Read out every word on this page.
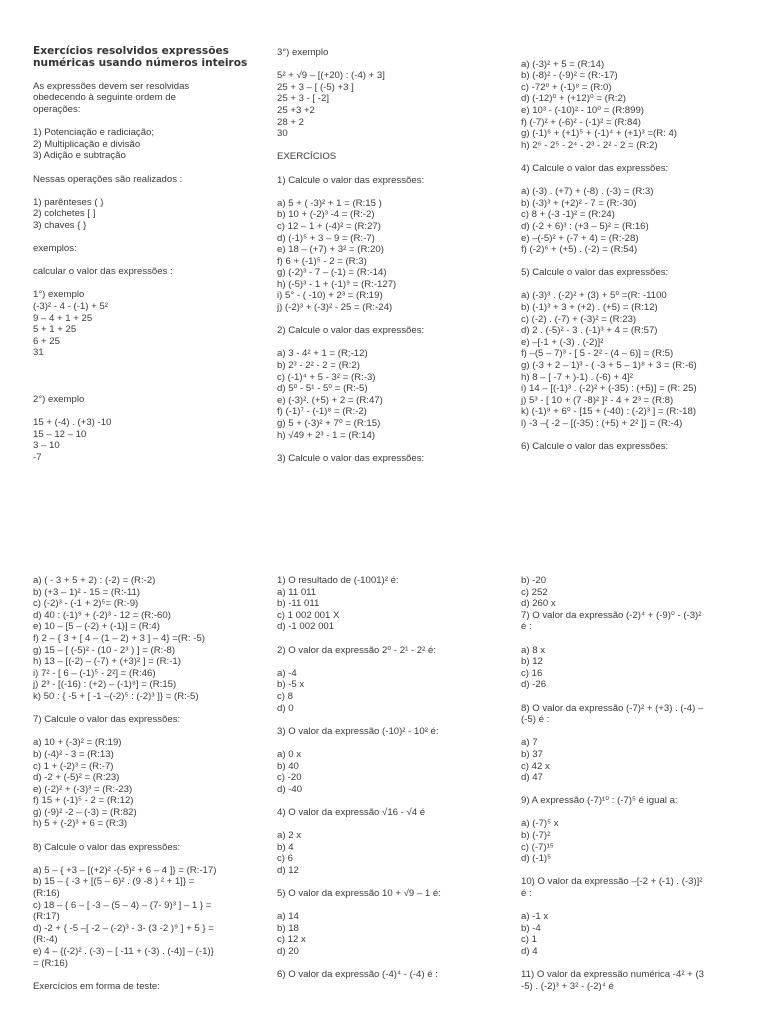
Exercícios resolvidos expressões
numéricas usando números inteiros
As expressões devem ser resolvidas
obedecendo à seguinte ordem de
operações:
1) Potenciação e radiciação;
2) Multiplicação e divisão
3) Adição e subtração
Nessas operações são realizados :
1) parênteses ( )
2) colchetes [ ]
3) chaves { }
exemplos:
calcular o valor das expressões :
1°) exemplo
(-3)² - 4 - (-1) + 5²
9 – 4 + 1 + 25
5 + 1 + 25
6 + 25
31
2°) exemplo
15 + (-4) . (+3) -10
15 – 12 – 10
3 – 10
-7
3°) exemplo
5² + √9 – [(+20) : (-4) + 3]
25 + 3 – [ (-5) +3 ]
25 + 3 - [ -2]
25 +3 +2
28 + 2
30
EXERCÍCIOS
1) Calcule o valor das expressões:
a) 5 + ( -3)² + 1 = (R:15 )
b) 10 + (-2)³ -4 = (R:-2)
c) 12 – 1 + (-4)² = (R:27)
d) (-1)⁵ + 3 – 9 = (R:-7)
e) 18 – (+7) + 3² = (R:20)
f) 6 + (-1)⁵ - 2 = (R:3)
g) (-2)³ - 7 – (-1) = (R:-14)
h) (-5)³ - 1 + (-1)⁹ = (R:-127)
i) 5° - ( -10) + 2³ = (R:19)
j) (-2)³ + (-3)² - 25 = (R:-24)
2) Calcule o valor das expressões:
a) 3 - 4² + 1 = (R;-12)
b) 2³ - 2² - 2 = (R:2)
c) (-1)⁴ + 5 - 3² = (R:-3)
d) 5⁰ - 5¹ - 5⁰ = (R:-5)
e) (-3)². (+5) + 2 = (R:47)
f) (-1)⁷ - (-1)⁸ = (R:-2)
g) 5 + (-3)² + 7⁰ = (R:15)
h) √49 + 2³ - 1 = (R:14)
3) Calcule o valor das expressões:
a) (-3)² + 5 = (R:14)
b) (-8)² - (-9)² = (R:-17)
c) -72⁰ + (-1)⁸ = (R:0)
d) (-12)⁰ + (+12)⁰ = (R:2)
e) 10³ - (-10)² - 10⁰ = (R:899)
f) (-7)² + (-6)² - (-1)² = (R:84)
g) (-1)⁶ + (+1)⁵ + (-1)⁴ + (+1)³ =(R: 4)
h) 2⁶ - 2⁵ - 2⁴ - 2³ - 2² - 2 = (R:2)
4) Calcule o valor das expressões:
a) (-3) . (+7) + (-8) . (-3) = (R:3)
b) (-3)³ + (+2)² - 7 = (R:-30)
c) 8 + (-3 -1)² = (R:24)
d) (-2 + 6)³ : (+3 – 5)² = (R:16)
e) –(-5)² + (-7 + 4) = (R:-28)
f) (-2)⁶ + (+5) . (-2) = (R:54)
5) Calcule o valor das expressões:
a) (-3)³ . (-2)² + (3) + 5⁰ =(R: -1100
b) (-1)³ + 3 + (+2) . (+5) = (R:12)
c) (-2) . (-7) + (-3)² = (R:23)
d) 2 . (-5)² - 3 . (-1)³ + 4 = (R:57)
e) –[-1 + (-3) . (-2)]²
f) –(5 – 7)³ - [ 5 - 2² - (4 – 6)] = (R:5)
g) (-3 + 2 – 1)³ - ( -3 + 5 – 1)⁸ + 3 = (R:-6)
h) 8 – [ -7 + )-1) . (-6) + 4]²
i) 14 – [(-1)³ . (-2)² + (-35) : (+5)] = (R: 25)
j) 5³ - [ 10 + (7 -8)² ]² - 4 + 2³ = (R:8)
k) (-1)⁸ + 6⁰ - [15 + (-40) : (-2)³ ] = (R:-18)
l) -3 –{ -2 – [(-35) : (+5) + 2² ]} = (R:-4)
6) Calcule o valor das expressões:
a) ( - 3 + 5 + 2) : (-2) = (R:-2)
b) (+3 – 1)² - 15 = (R:-11)
c) (-2)³ - (-1 + 2)⁵= (R:-9)
d) 40 : (-1)⁹ + (-2)³ - 12 = (R:-60)
e) 10 – [5 – (-2) + (-1)] = (R:4)
f) 2 – { 3 + [ 4 – (1 – 2) + 3 ] – 4} =(R: -5)
g) 15 – [ (-5)² - (10 - 2³ ) ] = (R:-8)
h) 13 – [(-2) – (-7) + (+3)² ] = (R:-1)
i) 7² - [ 6 – (-1)⁵ - 2²] = (R:46)
j) 2³ - [(-16) : (+2) – (-1)⁸] = (R:15)
k) 50 : { -5 + [ -1 –(-2)⁵ : (-2)³ ]} = (R:-5)
7) Calcule o valor das expressões:
a) 10 + (-3)² = (R:19)
b) (-4)² - 3 = (R:13)
c) 1 + (-2)³ = (R:-7)
d) -2 + (-5)² = (R:23)
e) (-2)² + (-3)³ = (R:-23)
f) 15 + (-1)⁵ - 2 = (R:12)
g) (-9)² -2 – (-3) = (R:82)
h) 5 + (-2)³ + 6 = (R:3)
8) Calcule o valor das expressões:
a) 5 – { +3 – [(+2)² -(-5)² + 6 – 4 ]} = (R:-17)
b) 15 – { -3 + [(5 – 6)² . (9 -8 ) ² + 1]} =
(R:16)
c) 18 – { 6 – [ -3 – (5 – 4) – (7- 9)³ ] – 1 } =
(R:17)
d) -2 + { -5 –[ -2 – (-2)³ - 3- (3 -2 )⁹ ] + 5 } =
(R:-4)
e) 4 – {(-2)² . (-3) – [ -11 + (-3) . (-4)] – (-1)}
= (R:16)
Exercícios em forma de teste:
1) O resultado de (-1001)² é:
a) 11 011
b) -11 011
c) 1 002 001 X
d) -1 002 001
2) O valor da expressão 2⁰ - 2¹ - 2² é:
a) -4
b) -5 x
c) 8
d) 0
3) O valor da expressão (-10)² - 10² é:
a) 0 x
b) 40
c) -20
d) -40
4) O valor da expressão √16 - √4 é
a) 2 x
b) 4
c) 6
d) 12
5) O valor da expressão 10 + √9 – 1 é:
a) 14
b) 18
c) 12 x
d) 20
6) O valor da expressão (-4)⁴ - (-4) é :
b) -20
c) 252
d) 260 x
7) O valor da expressão (-2)⁴ + (-9)⁰ - (-3)²
é :
a) 8 x
b) 12
c) 16
d) -26
8) O valor da expressão (-7)² + (+3) . (-4) –
(-5) é :
a) 7
b) 37
c) 42 x
d) 47
9) A expressão (-7)¹⁰ : (-7)⁵ é igual a:
a) (-7)⁵ x
b) (-7)²
c) (-7)¹⁵
d) (-1)⁵
10) O valor da expressão –[-2 + (-1) . (-3)]²
é :
a) -1 x
b) -4
c) 1
d) 4
11) O valor da expressão numérica -4² + (3
-5) . (-2)³ + 3² - (-2)⁴ é
